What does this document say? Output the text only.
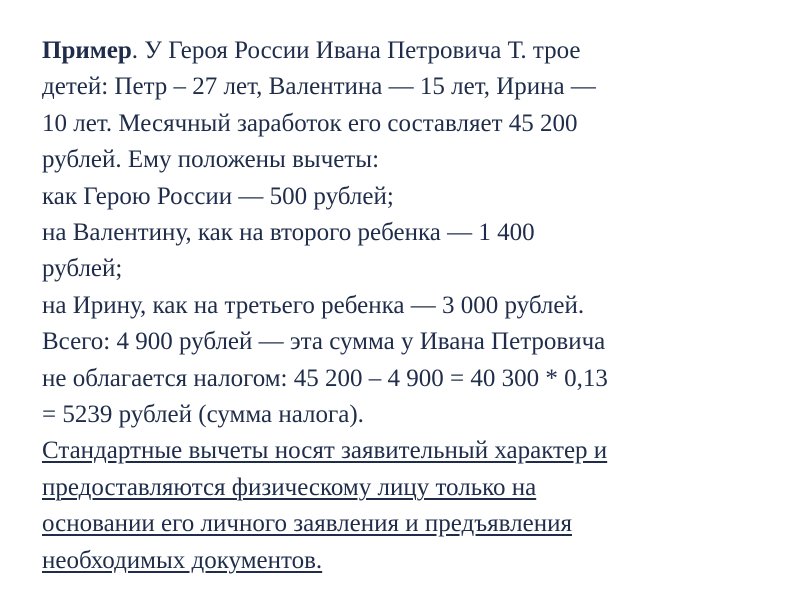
Пример. У Героя России Ивана Петровича Т. трое
детей: Петр – 27 лет, Валентина — 15 лет, Ирина —
10 лет. Месячный заработок его составляет 45 200
рублей. Ему положены вычеты:
как Герою России — 500 рублей;
на Валентину, как на второго ребенка — 1 400
рублей;
на Ирину, как на третьего ребенка — 3 000 рублей.
Всего: 4 900 рублей — эта сумма у Ивана Петровича
не облагается налогом: 45 200 – 4 900 = 40 300 * 0,13
= 5239 рублей (сумма налога).
Стандартные вычеты носят заявительный характер и
предоставляются физическому лицу только на
основании его личного заявления и предъявления
необходимых документов.
